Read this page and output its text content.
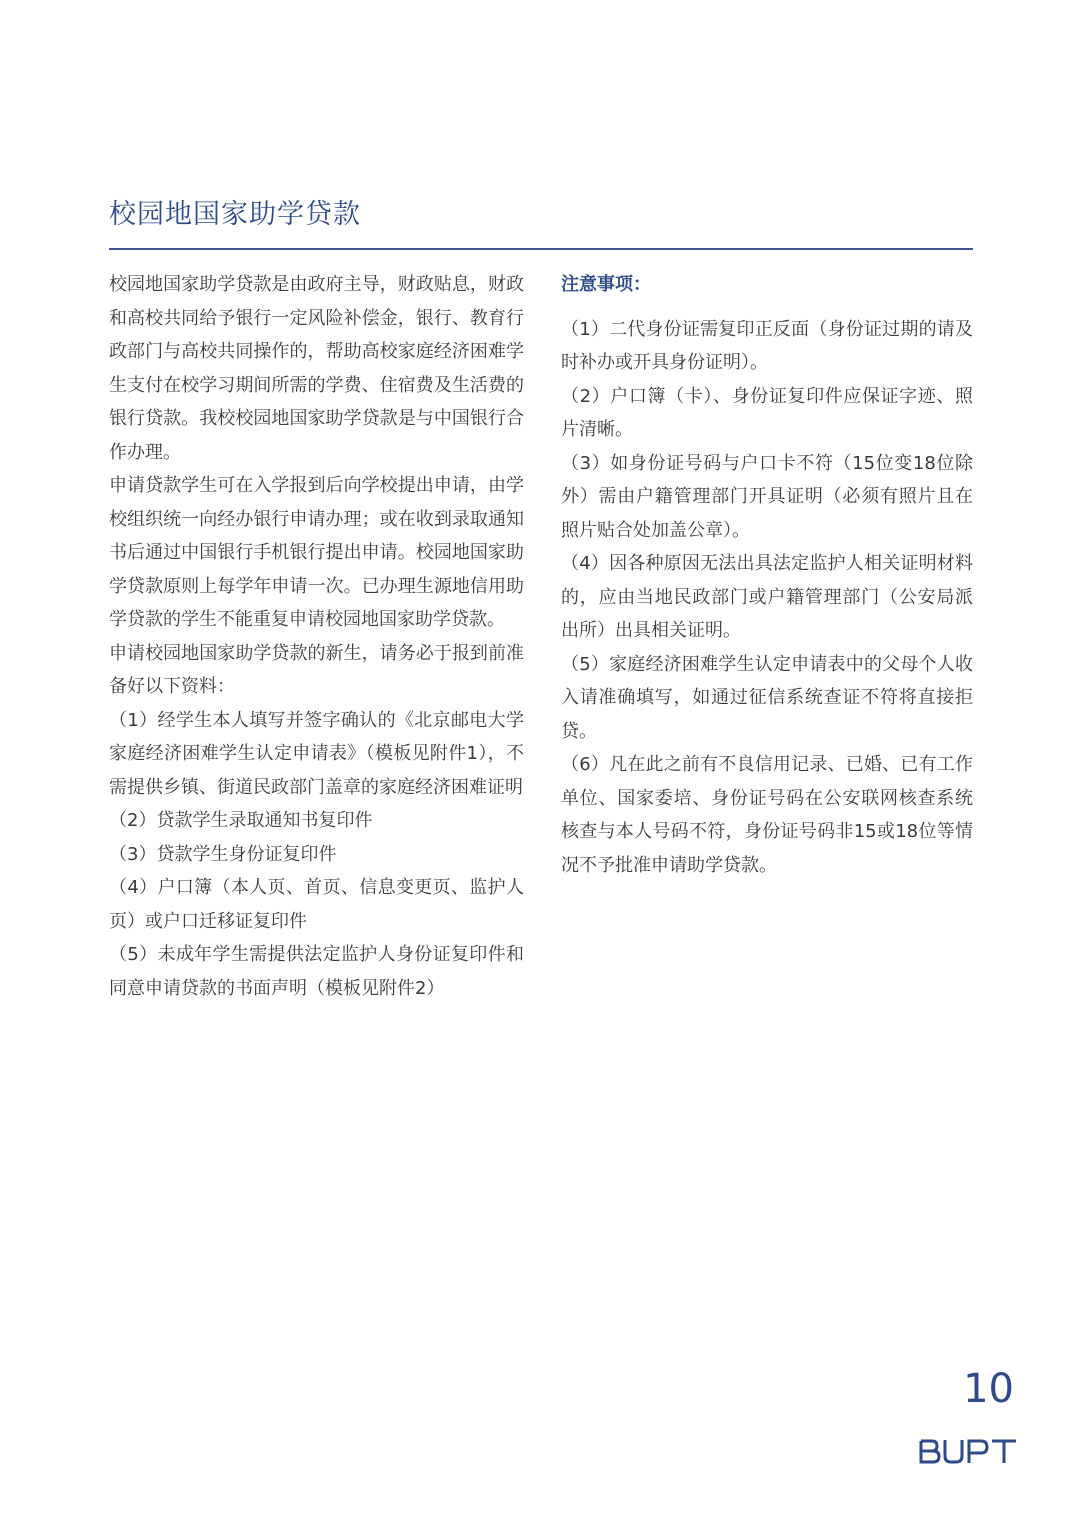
校园地国家助学贷款

校园地国家助学贷款是由政府主导，财政贴息，财政和高校共同给予银行一定风险补偿金，银行、教育行政部门与高校共同操作的，帮助高校家庭经济困难学生支付在校学习期间所需的学费、住宿费及生活费的银行贷款。我校校园地国家助学贷款是与中国银行合作办理。

申请贷款学生可在入学报到后向学校提出申请，由学校组织统一向经办银行申请办理；或在收到录取通知书后通过中国银行手机银行提出申请。校园地国家助学贷款原则上每学年申请一次。已办理生源地信用助学贷款的学生不能重复申请校园地国家助学贷款。

申请校园地国家助学贷款的新生，请务必于报到前准备好以下资料：

（1）经学生本人填写并签字确认的《北京邮电大学家庭经济困难学生认定申请表》（模板见附件1），不需提供乡镇、街道民政部门盖章的家庭经济困难证明

（2）贷款学生录取通知书复印件

（3）贷款学生身份证复印件

（4）户口簿（本人页、首页、信息变更页、监护人页）或户口迁移证复印件

（5）未成年学生需提供法定监护人身份证复印件和同意申请贷款的书面声明（模板见附件2）

注意事项：

（1）二代身份证需复印正反面（身份证过期的请及时补办或开具身份证明）。

（2）户口簿（卡）、身份证复印件应保证字迹、照片清晰。

（3）如身份证号码与户口卡不符（15位变18位除外）需由户籍管理部门开具证明（必须有照片且在照片贴合处加盖公章）。

（4）因各种原因无法出具法定监护人相关证明材料的，应由当地民政部门或户籍管理部门（公安局派出所）出具相关证明。

（5）家庭经济困难学生认定申请表中的父母个人收入请准确填写，如通过征信系统查证不符将直接拒贷。

（6）凡在此之前有不良信用记录、已婚、已有工作单位、国家委培、身份证号码在公安联网核查系统核查与本人号码不符，身份证号码非15或18位等情况不予批准申请助学贷款。

10
